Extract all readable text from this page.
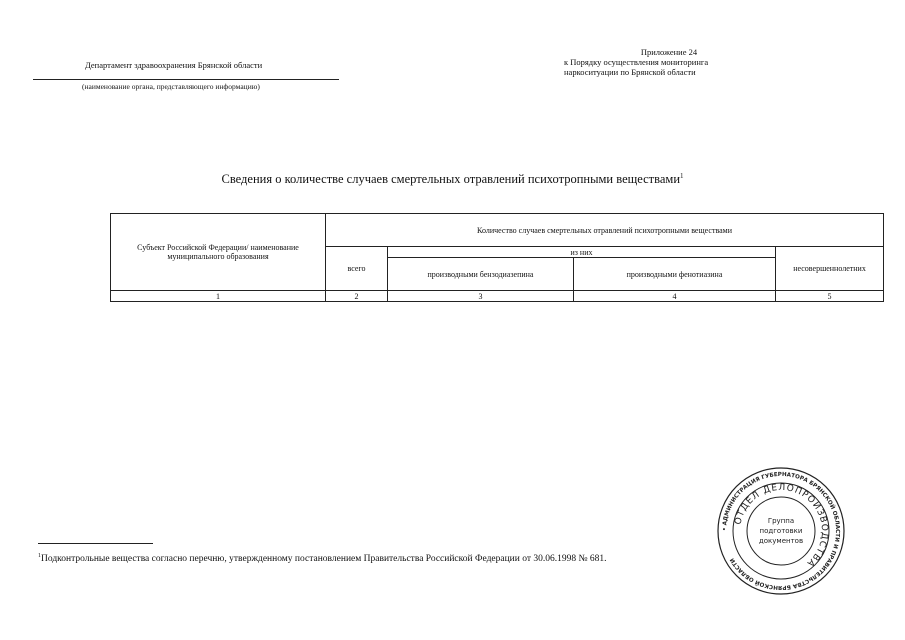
Департамент здравоохранения Брянской области
(наименование органа, представляющего информацию)
Приложение 24
к Порядку осуществления мониторинга
наркоситуации по Брянской области
Сведения о количестве случаев смертельных отравлений психотропными веществами$^1$
Субъект Российской Федерации/ наименование муниципального образования	Количество случаев смертельных отравлений психотропными веществами			
	всего	из них		несовершеннолетних
		производными бензодиазепина	производными фенотиазина	
1	2	3	4	5
$^1$Подконтрольные вещества согласно перечню, утвержденному постановлением Правительства Российской Федерации от 30.06.1998 № 681.
• АДМИНИСТРАЦИЯ ГУБЕРНАТОРА БРЯНСКОЙ ОБЛАСТИ И ПРАВИТЕЛЬСТВА БРЯНСКОЙ ОБЛАСТИ
ОТДЕЛ ДЕЛОПРОИЗВОДСТВА
Группа
подготовки
документов
